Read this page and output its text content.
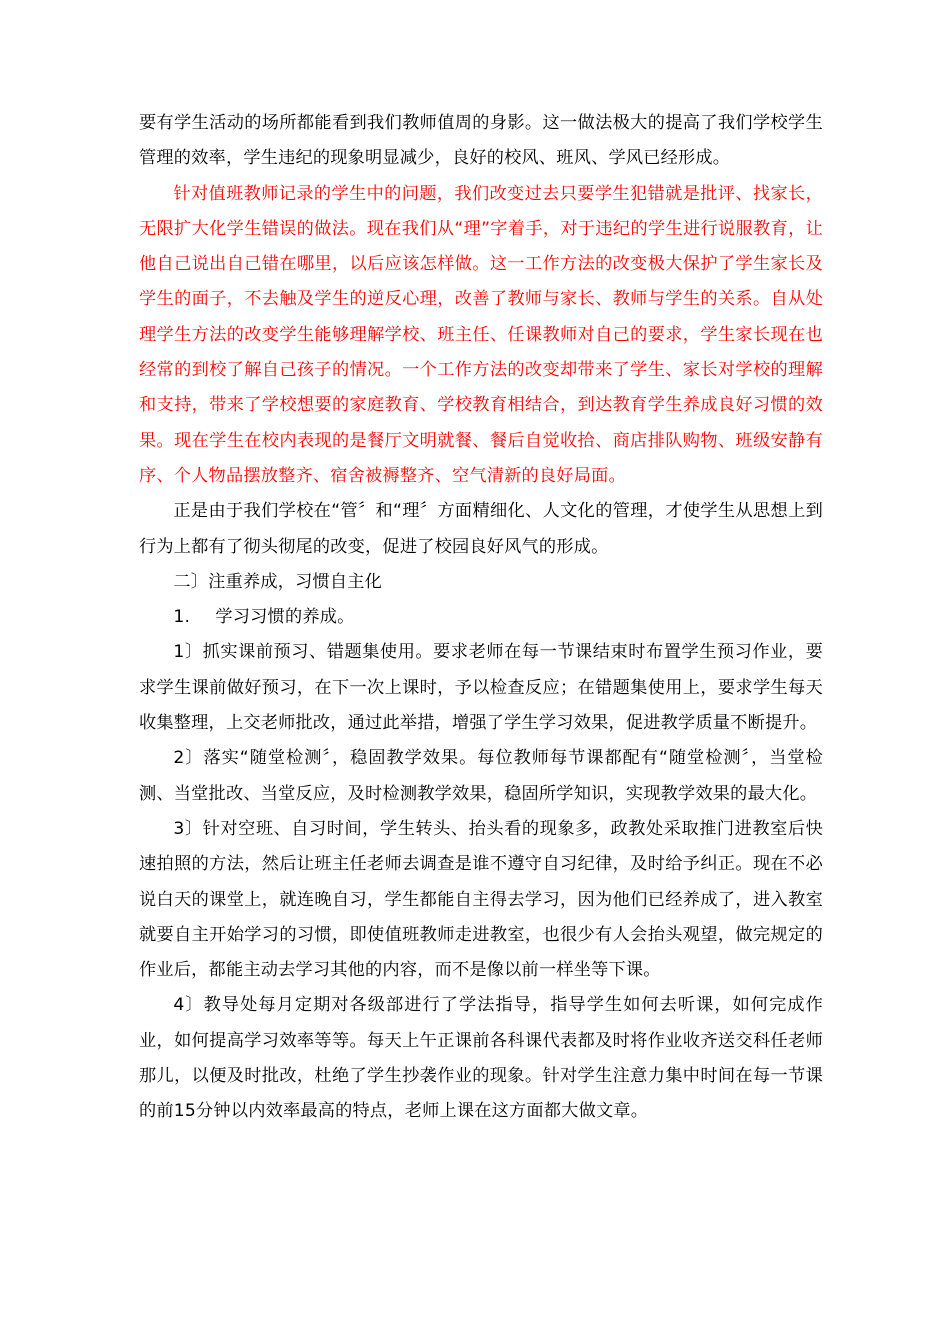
要有学生活动的场所都能看到我们教师值周的身影。这一做法极大的提高了我们学校学生管理的效率，学生违纪的现象明显减少，良好的校风、班风、学风已经形成。

针对值班教师记录的学生中的问题，我们改变过去只要学生犯错就是批评、找家长，无限扩大化学生错误的做法。现在我们从“理”字着手，对于违纪的学生进行说服教育，让他自己说出自己错在哪里，以后应该怎样做。这一工作方法的改变极大保护了学生家长及学生的面子，不去触及学生的逆反心理，改善了教师与家长、教师与学生的关系。自从处理学生方法的改变学生能够理解学校、班主任、任课教师对自己的要求，学生家长现在也经常的到校了解自己孩子的情况。一个工作方法的改变却带来了学生、家长对学校的理解和支持，带来了学校想要的家庭教育、学校教育相结合，到达教育学生养成良好习惯的效果。现在学生在校内表现的是餐厅文明就餐、餐后自觉收拾、商店排队购物、班级安静有序、个人物品摆放整齐、宿舍被褥整齐、空气清新的良好局面。

正是由于我们学校在“管〞和“理〞方面精细化、人文化的管理，才使学生从思想上到行为上都有了彻头彻尾的改变，促进了校园良好风气的形成。

二〕注重养成，习惯自主化

1. 学习习惯的养成。

1〕抓实课前预习、错题集使用。要求老师在每一节课结束时布置学生预习作业，要求学生课前做好预习，在下一次上课时，予以检查反应；在错题集使用上，要求学生每天收集整理，上交老师批改，通过此举措，增强了学生学习效果，促进教学质量不断提升。

2〕落实“随堂检测〞，稳固教学效果。每位教师每节课都配有“随堂检测〞，当堂检测、当堂批改、当堂反应，及时检测教学效果，稳固所学知识，实现教学效果的最大化。

3〕针对空班、自习时间，学生转头、抬头看的现象多，政教处采取推门进教室后快速拍照的方法，然后让班主任老师去调查是谁不遵守自习纪律，及时给予纠正。现在不必说白天的课堂上，就连晚自习，学生都能自主得去学习，因为他们已经养成了，进入教室就要自主开始学习的习惯，即使值班教师走进教室，也很少有人会抬头观望，做完规定的作业后，都能主动去学习其他的内容，而不是像以前一样坐等下课。

4〕教导处每月定期对各级部进行了学法指导，指导学生如何去听课，如何完成作业，如何提高学习效率等等。每天上午正课前各科课代表都及时将作业收齐送交科任老师那儿，以便及时批改，杜绝了学生抄袭作业的现象。针对学生注意力集中时间在每一节课的前15分钟以内效率最高的特点，老师上课在这方面都大做文章。
